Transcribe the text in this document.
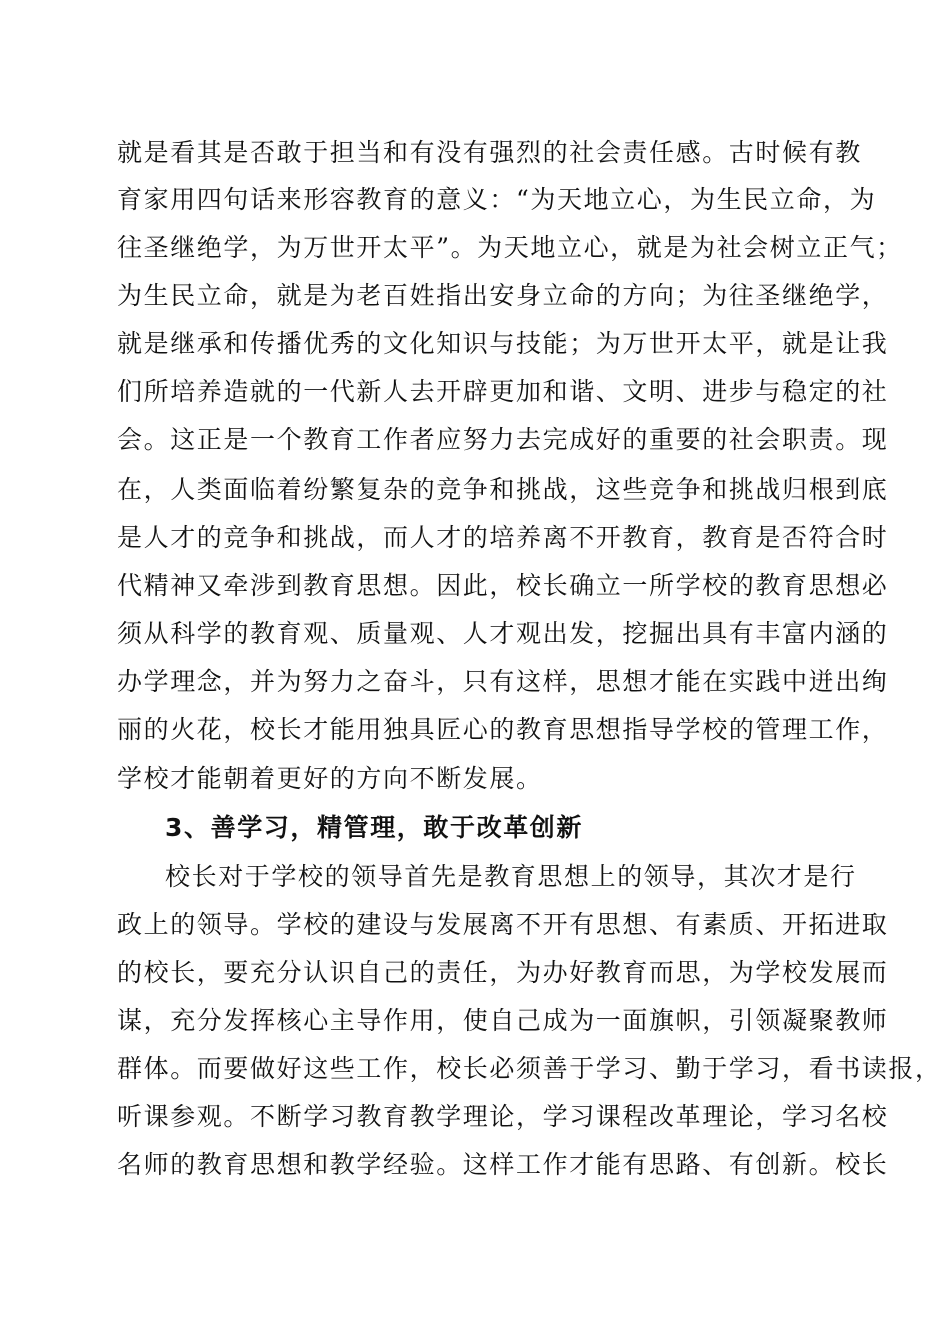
就是看其是否敢于担当和有没有强烈的社会责任感。古时候有教
育家用四句话来形容教育的意义：“为天地立心，为生民立命，为
往圣继绝学，为万世开太平”。为天地立心，就是为社会树立正气；
为生民立命，就是为老百姓指出安身立命的方向；为往圣继绝学，
就是继承和传播优秀的文化知识与技能；为万世开太平，就是让我
们所培养造就的一代新人去开辟更加和谐、文明、进步与稳定的社
会。这正是一个教育工作者应努力去完成好的重要的社会职责。现
在，人类面临着纷繁复杂的竞争和挑战，这些竞争和挑战归根到底
是人才的竞争和挑战，而人才的培养离不开教育，教育是否符合时
代精神又牵涉到教育思想。因此，校长确立一所学校的教育思想必
须从科学的教育观、质量观、人才观出发，挖掘出具有丰富内涵的
办学理念，并为努力之奋斗，只有这样，思想才能在实践中迸出绚
丽的火花，校长才能用独具匠心的教育思想指导学校的管理工作，
学校才能朝着更好的方向不断发展。
3、善学习，精管理，敢于改革创新
校长对于学校的领导首先是教育思想上的领导，其次才是行
政上的领导。学校的建设与发展离不开有思想、有素质、开拓进取
的校长，要充分认识自己的责任，为办好教育而思，为学校发展而
谋，充分发挥核心主导作用，使自己成为一面旗帜，引领凝聚教师
群体。而要做好这些工作，校长必须善于学习、勤于学习，看书读报，
听课参观。不断学习教育教学理论，学习课程改革理论，学习名校
名师的教育思想和教学经验。这样工作才能有思路、有创新。校长
